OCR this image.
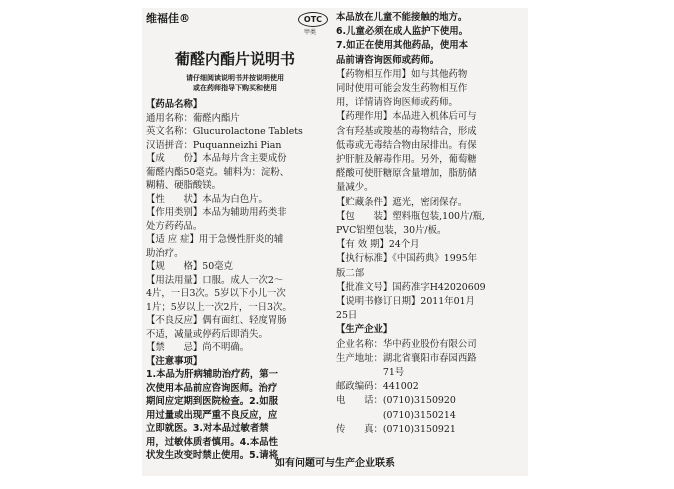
维福佳®	OTC
甲类
葡醛内酯片说明书
请仔细阅读说明书并按说明使用
或在药师指导下购买和使用
【药品名称】
通用名称：葡醛内酯片
英文名称：Glucurolactone Tablets
汉语拼音：Puquanneizhi Pian
【成　　份】本品每片含主要成份
葡醛内酯50毫克。辅料为：淀粉、
糊精、硬脂酸镁。
【性　　状】本品为白色片。
【作用类别】本品为辅助用药类非
处方药药品。
【适 应 症】用于急慢性肝炎的辅
助治疗。
【规　　格】50毫克
【用法用量】口服。成人一次2～
4片，一日3次。5岁以下小儿一次
1片；5岁以上一次2片，一日3次。
【不良反应】偶有面红、轻度胃肠
不适，减量或停药后即消失。
【禁　　忌】尚不明确。
【注意事项】
1.本品为肝病辅助治疗药，第一
次使用本品前应咨询医师。治疗
期间应定期到医院检查。2.如服
用过量或出现严重不良反应，应
立即就医。3.对本品过敏者禁
用，过敏体质者慎用。4.本品性
状发生改变时禁止使用。5.请将
本品放在儿童不能接触的地方。
6.儿童必须在成人监护下使用。
7.如正在使用其他药品，使用本
品前请咨询医师或药师。
【药物相互作用】如与其他药物
同时使用可能会发生药物相互作
用，详情请咨询医师或药师。
【药理作用】本品进入机体后可与
含有羟基或羧基的毒物结合，形成
低毒或无毒结合物由尿排出。有保
护肝脏及解毒作用。另外，葡萄糖
醛酸可使肝糖原含量增加，脂肪储
量减少。
【贮藏条件】遮光，密闭保存。
【包　　装】塑料瓶包装,100片/瓶,
PVC铝塑包装，30片/板。
【有 效 期】24个月
【执行标准】《中国药典》1995年
版二部
【批准文号】国药准字H42020609
【说明书修订日期】2011年01月
25日
【生产企业】
企业名称：华中药业股份有限公司
生产地址：湖北省襄阳市春园西路
　　　　　71号
邮政编码：441002
电　　话：(0710)3150920
　　　　　(0710)3150214
传　　真：(0710)3150921
如有问题可与生产企业联系
